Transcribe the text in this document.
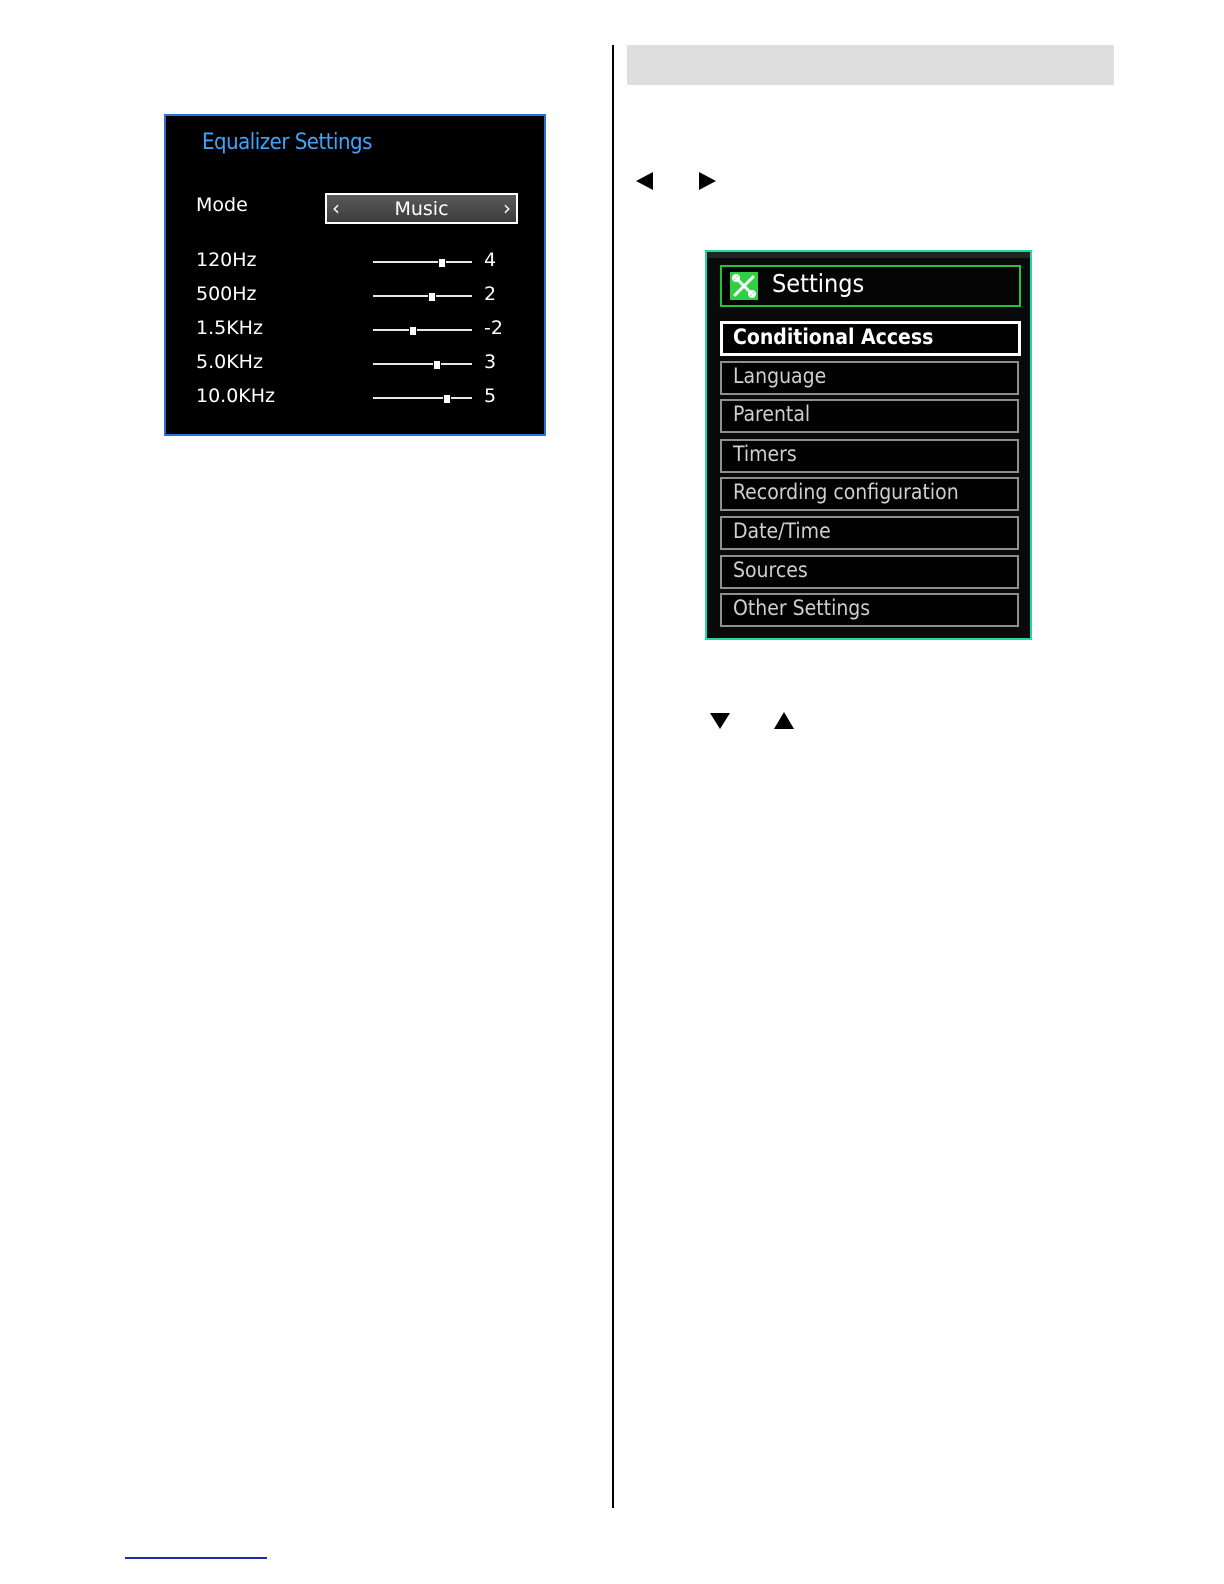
Equalizer Settings
Mode	‹	Music	›
120Hz	4
500Hz	2
1.5KHz	-2
5.0KHz	3
10.0KHz	5
Settings
Conditional Access
Language
Parental
Timers
Recording configuration
Date/Time
Sources
Other Settings
